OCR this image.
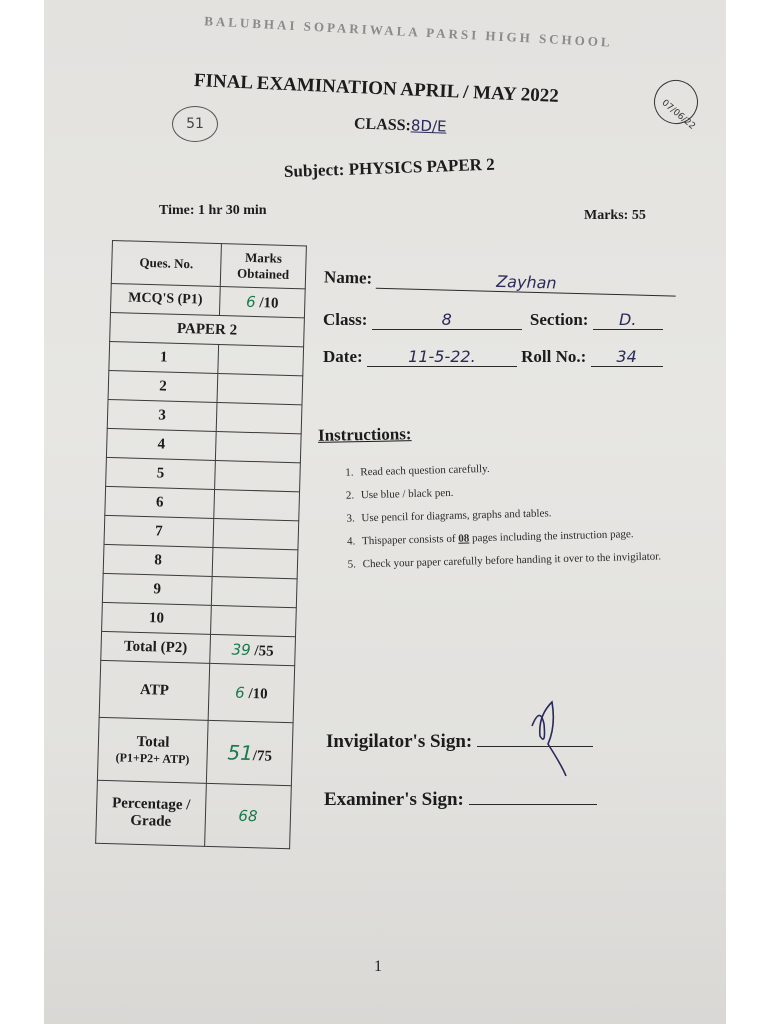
BALUBHAI SOPARIWALA PARSI HIGH SCHOOL
51
FINAL EXAMINATION APRIL / MAY 2022
07/06/22
CLASS:8D/E
Subject: PHYSICS PAPER 2
Time: 1 hr 30 min	Marks: 55
Ques. No.	Marks Obtained
MCQ'S (P1)	6 /10
PAPER 2	
1	
2	
3	
4	
5	
6	
7	
8	
9	
10	
Total (P2)	39 /55
ATP	6 /10

Total
(P1+P2+ ATP)	51/75

Percentage /
Grade	68
Name:	Zayhan
Class:	8	Section: D.
Date:	11-5-22.	Roll No.: 34
Instructions:
1. Read each question carefully.
2. Use blue / black pen.
3. Use pencil for diagrams, graphs and tables.
4. Thispaper consists of 08 pages including the instruction page.
5. Check your paper carefully before handing it over to the invigilator.
Invigilator's Sign:
Examiner's Sign:
1
